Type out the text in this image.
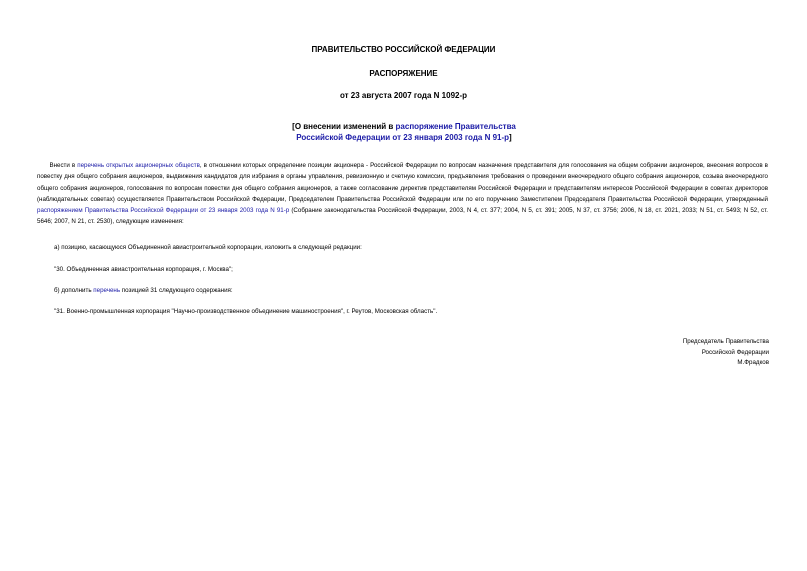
ПРАВИТЕЛЬСТВО РОССИЙСКОЙ ФЕДЕРАЦИИ
РАСПОРЯЖЕНИЕ
от 23 августа 2007 года N 1092-р
[О внесении изменений в распоряжение Правительства Российской Федерации от 23 января 2003 года N 91-р]
Внести в перечень открытых акционерных обществ, в отношении которых определение позиции акционера - Российской Федерации по вопросам назначения представителя для голосования на общем собрании акционеров, внесения вопросов в повестку дня общего собрания акционеров, выдвижения кандидатов для избрания в органы управления, ревизионную и счетную комиссии, предъявления требования о проведении внеочередного общего собрания акционеров, созыва внеочередного общего собрания акционеров, голосования по вопросам повестки дня общего собрания акционеров, а также согласование директив представителям Российской Федерации и представителям интересов Российской Федерации в советах директоров (наблюдательных советах) осуществляется Правительством Российской Федерации, Председателем Правительства Российской Федерации или по его поручению Заместителем Председателя Правительства Российской Федерации, утвержденный распоряжением Правительства Российской Федерации от 23 января 2003 года N 91-р (Собрание законодательства Российской Федерации, 2003, N 4, ст. 377; 2004, N 5, ст. 391; 2005, N 37, ст. 3756; 2006, N 18, ст. 2021, 2033; N 51, ст. 5493; N 52, ст. 5646; 2007, N 21, ст. 2530), следующие изменения:
а) позицию, касающуюся Объединенной авиастроительной корпорации, изложить в следующей редакции:
"30. Объединенная авиастроительная корпорация, г. Москва";
б) дополнить перечень позицией 31 следующего содержания:
"31. Военно-промышленная корпорация "Научно-производственное объединение машиностроения", г. Реутов, Московская область".
Председатель Правительства
Российской Федерации
М.Фрадков
